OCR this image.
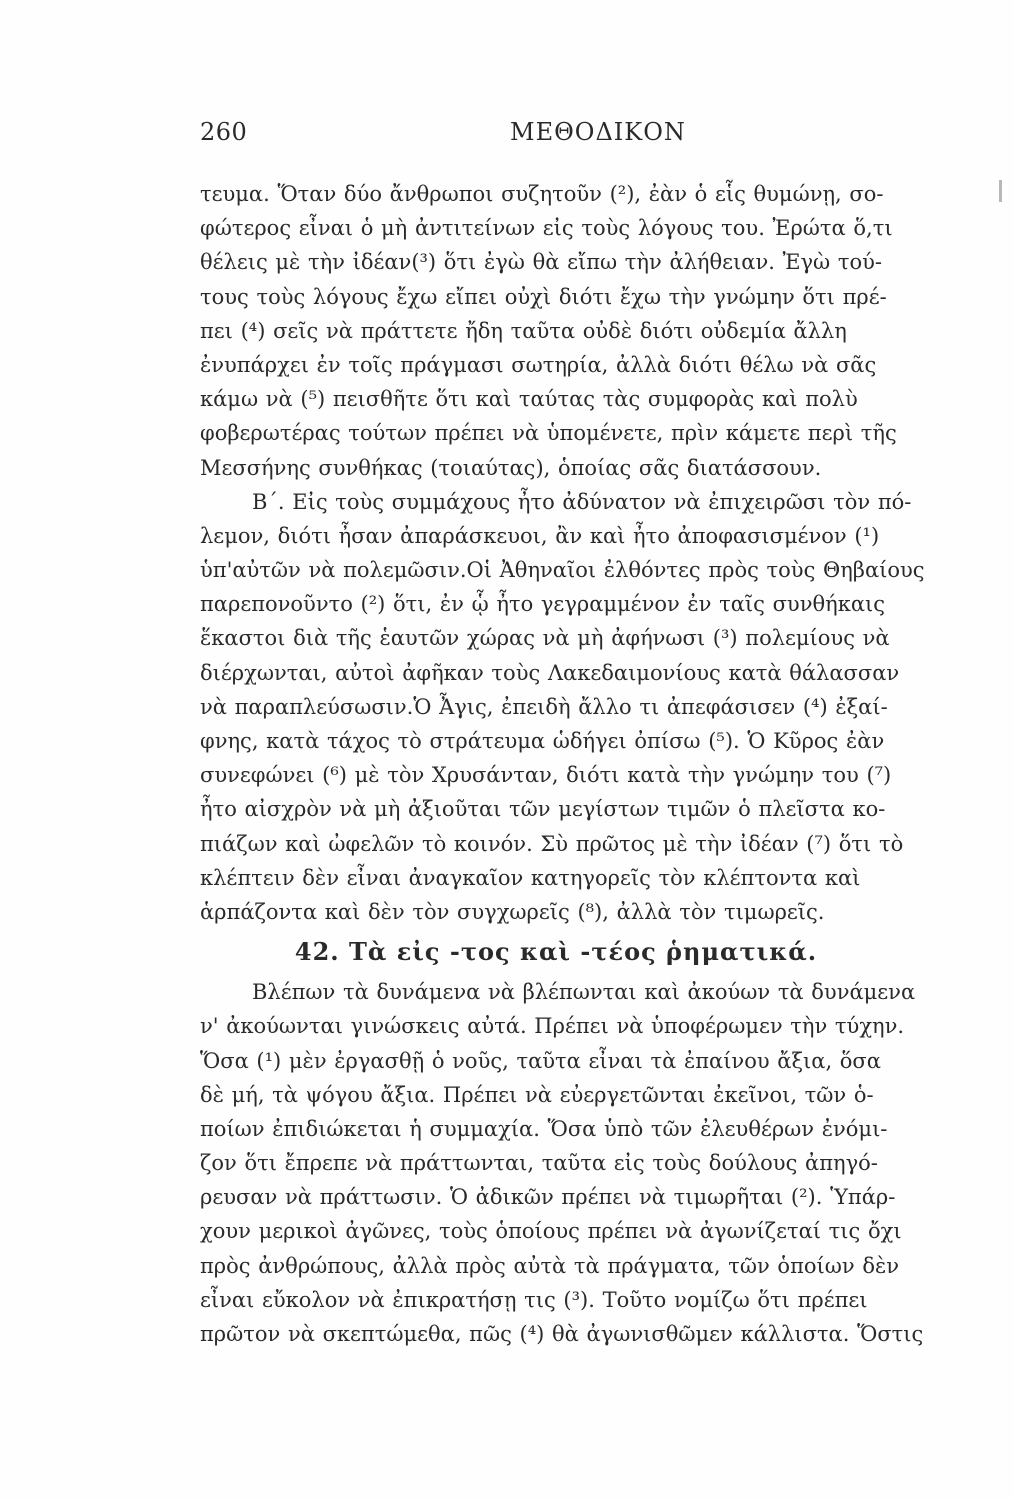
260	ΜΕΘΟΔΙΚΟΝ
τευμα. Ὅταν δύο ἄνθρωποι συζητοῦν (²), ἐὰν ὁ εἷς θυμώνῃ, σο-
φώτερος εἶναι ὁ μὴ ἀντιτείνων εἰς τοὺς λόγους του. Ἐρώτα ὅ,τι
θέλεις μὲ τὴν ἰδέαν(³) ὅτι ἐγὼ θὰ εἴπω τὴν ἀλήθειαν. Ἐγὼ τού-
τους τοὺς λόγους ἔχω εἴπει οὐχὶ διότι ἔχω τὴν γνώμην ὅτι πρέ-
πει (⁴) σεῖς νὰ πράττετε ἤδη ταῦτα οὐδὲ διότι οὐδεμία ἄλλη
ἐνυπάρχει ἐν τοῖς πράγμασι σωτηρία, ἀλλὰ διότι θέλω νὰ σᾶς
κάμω νὰ (⁵) πεισθῆτε ὅτι καὶ ταύτας τὰς συμφορὰς καὶ πολὺ
φοβερωτέρας τούτων πρέπει νὰ ὑπομένετε, πρὶν κάμετε περὶ τῆς
Μεσσήνης συνθήκας (τοιαύτας), ὁποίας σᾶς διατάσσουν.
Β΄. Εἰς τοὺς συμμάχους ἦτο ἀδύνατον νὰ ἐπιχειρῶσι τὸν πό-
λεμον, διότι ἦσαν ἀπαράσκευοι, ἂν καὶ ἦτο ἀποφασισμένον (¹)
ὑπ'αὐτῶν νὰ πολεμῶσιν.Οἱ Ἀθηναῖοι ἐλθόντες πρὸς τοὺς Θηβαίους
παρεπονοῦντο (²) ὅτι, ἐν ᾧ ἦτο γεγραμμένον ἐν ταῖς συνθήκαις
ἕκαστοι διὰ τῆς ἑαυτῶν χώρας νὰ μὴ ἀφήνωσι (³) πολεμίους νὰ
διέρχωνται, αὐτοὶ ἀφῆκαν τοὺς Λακεδαιμονίους κατὰ θάλασσαν
νὰ παραπλεύσωσιν.Ὁ Ἆγις, ἐπειδὴ ἄλλο τι ἀπεφάσισεν (⁴) ἐξαί-
φνης, κατὰ τάχος τὸ στράτευμα ὡδήγει ὀπίσω (⁵). Ὁ Κῦρος ἐὰν
συνεφώνει (⁶) μὲ τὸν Χρυσάνταν, διότι κατὰ τὴν γνώμην του (⁷)
ἦτο αἰσχρὸν νὰ μὴ ἀξιοῦται τῶν μεγίστων τιμῶν ὁ πλεῖστα κο-
πιάζων καὶ ὠφελῶν τὸ κοινόν. Σὺ πρῶτος μὲ τὴν ἰδέαν (⁷) ὅτι τὸ
κλέπτειν δὲν εἶναι ἀναγκαῖον κατηγορεῖς τὸν κλέπτοντα καὶ
ἁρπάζοντα καὶ δὲν τὸν συγχωρεῖς (⁸), ἀλλὰ τὸν τιμωρεῖς.
42. Τὰ εἰς -τος καὶ -τέος ῥηματικά.
Βλέπων τὰ δυνάμενα νὰ βλέπωνται καὶ ἀκούων τὰ δυνάμενα
ν' ἀκούωνται γινώσκεις αὐτά. Πρέπει νὰ ὑποφέρωμεν τὴν τύχην.
Ὅσα (¹) μὲν ἐργασθῇ ὁ νοῦς, ταῦτα εἶναι τὰ ἐπαίνου ἄξια, ὅσα
δὲ μή, τὰ ψόγου ἄξια. Πρέπει νὰ εὐεργετῶνται ἐκεῖνοι, τῶν ὁ-
ποίων ἐπιδιώκεται ἡ συμμαχία. Ὅσα ὑπὸ τῶν ἐλευθέρων ἐνόμι-
ζον ὅτι ἔπρεπε νὰ πράττωνται, ταῦτα εἰς τοὺς δούλους ἀπηγό-
ρευσαν νὰ πράττωσιν. Ὁ ἀδικῶν πρέπει νὰ τιμωρῆται (²). Ὑπάρ-
χουν μερικοὶ ἀγῶνες, τοὺς ὁποίους πρέπει νὰ ἀγωνίζεταί τις ὄχι
πρὸς ἀνθρώπους, ἀλλὰ πρὸς αὐτὰ τὰ πράγματα, τῶν ὁποίων δὲν
εἶναι εὔκολον νὰ ἐπικρατήσῃ τις (³). Τοῦτο νομίζω ὅτι πρέπει
πρῶτον νὰ σκεπτώμεθα, πῶς (⁴) θὰ ἀγωνισθῶμεν κάλλιστα. Ὅστις
